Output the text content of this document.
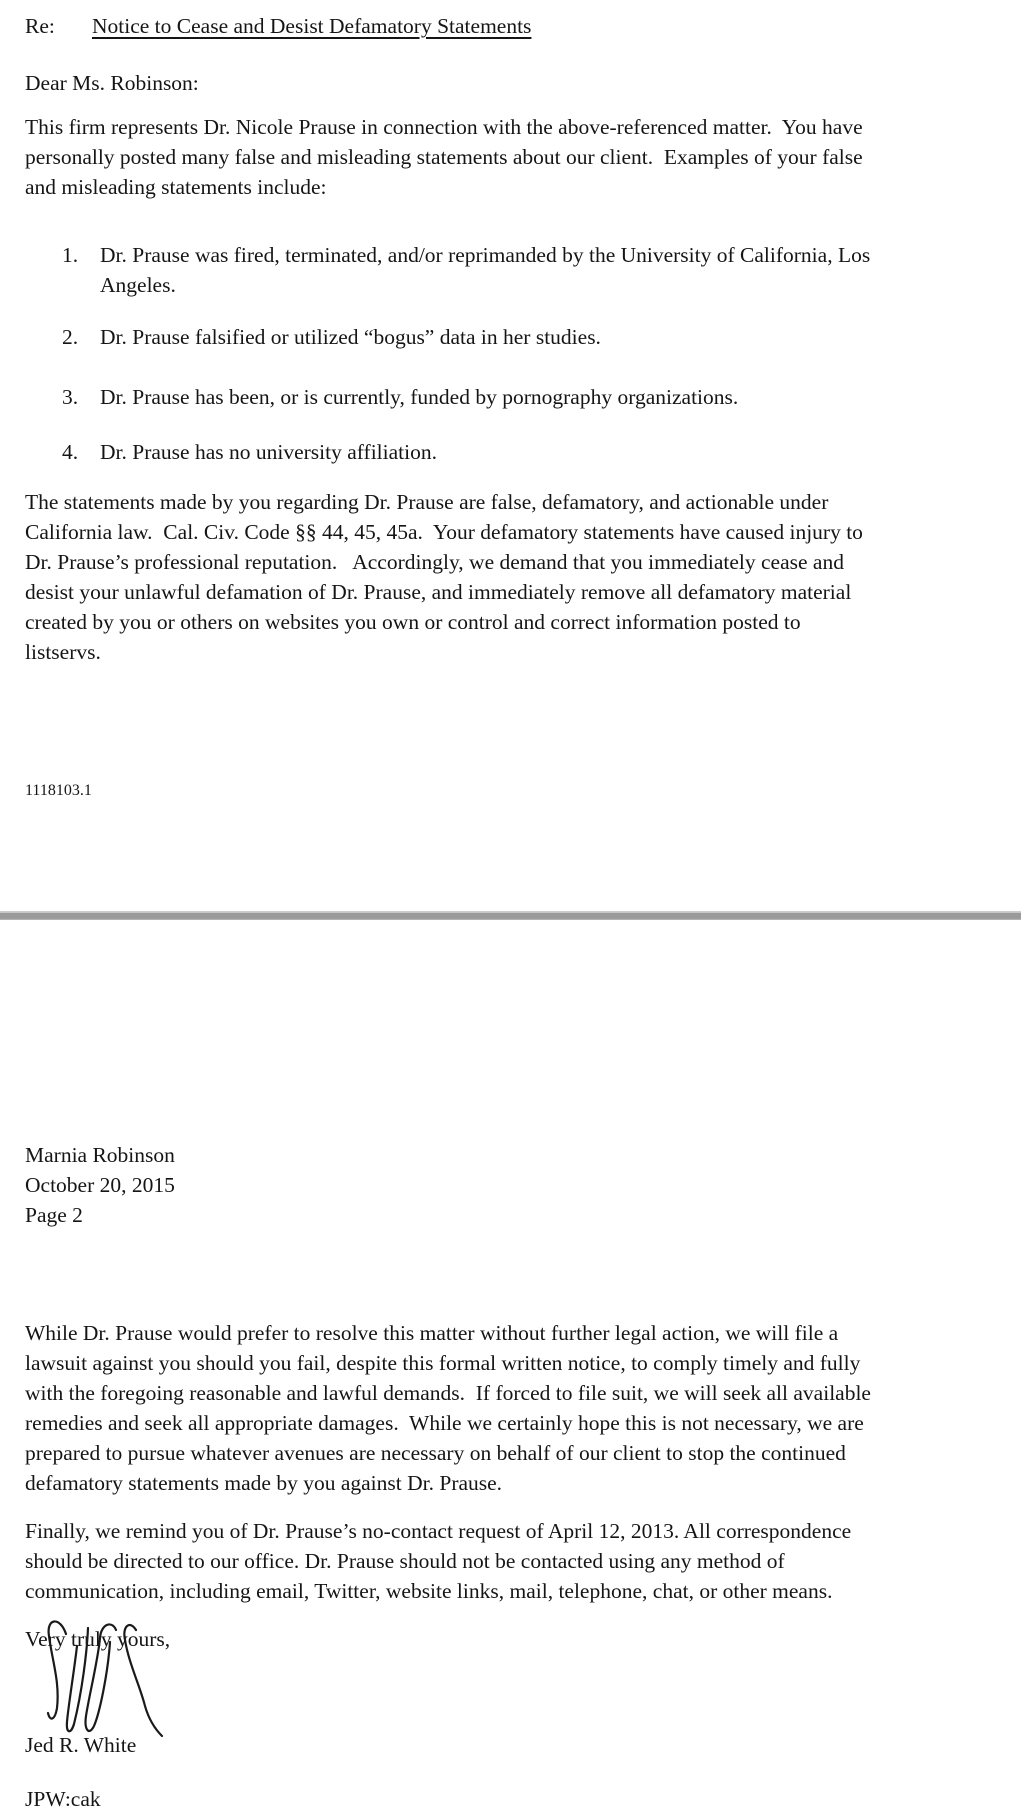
Re: Notice to Cease and Desist Defamatory Statements
Dear Ms. Robinson:
This firm represents Dr. Nicole Prause in connection with the above-referenced matter.  You have
personally posted many false and misleading statements about our client.  Examples of your false
and misleading statements include:
1. Dr. Prause was fired, terminated, and/or reprimanded by the University of California, Los
Angeles.
2. Dr. Prause falsified or utilized “bogus” data in her studies.
3. Dr. Prause has been, or is currently, funded by pornography organizations.
4. Dr. Prause has no university affiliation.
The statements made by you regarding Dr. Prause are false, defamatory, and actionable under
California law.  Cal. Civ. Code §§ 44, 45, 45a.  Your defamatory statements have caused injury to
Dr. Prause’s professional reputation.   Accordingly, we demand that you immediately cease and
desist your unlawful defamation of Dr. Prause, and immediately remove all defamatory material
created by you or others on websites you own or control and correct information posted to
listservs.
1118103.1
Marnia Robinson
October 20, 2015
Page 2
While Dr. Prause would prefer to resolve this matter without further legal action, we will file a
lawsuit against you should you fail, despite this formal written notice, to comply timely and fully
with the foregoing reasonable and lawful demands.  If forced to file suit, we will seek all available
remedies and seek all appropriate damages.  While we certainly hope this is not necessary, we are
prepared to pursue whatever avenues are necessary on behalf of our client to stop the continued
defamatory statements made by you against Dr. Prause.
Finally, we remind you of Dr. Prause’s no-contact request of April 12, 2013. All correspondence
should be directed to our office. Dr. Prause should not be contacted using any method of
communication, including email, Twitter, website links, mail, telephone, chat, or other means.
Very truly yours,
Jed R. White
JPW:cak
